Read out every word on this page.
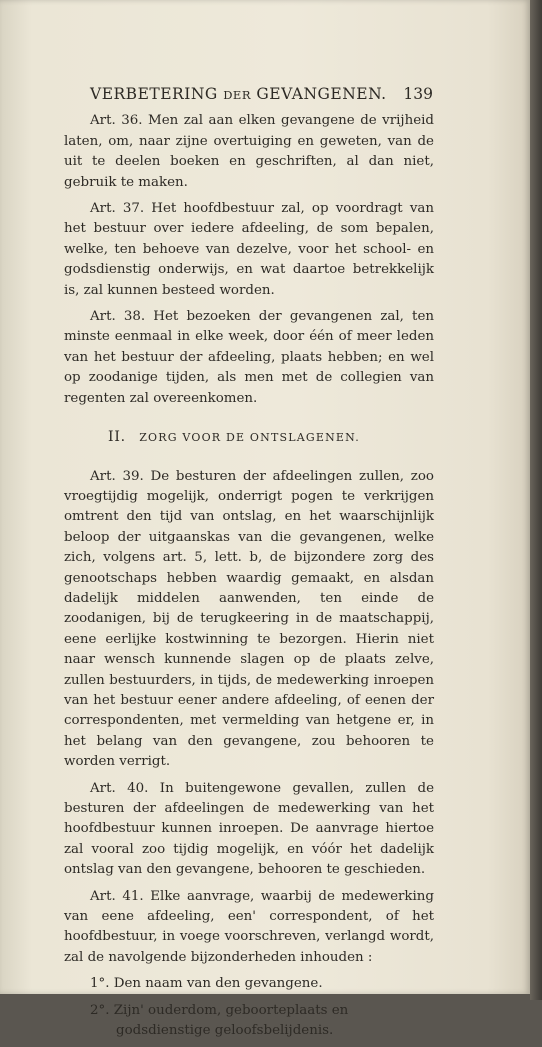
VERBETERING DER GEVANGENEN. 139

Art. 36. Men zal aan elken gevangene de vrijheid laten, om, naar zijne overtuiging en geweten, van de uit te deelen boeken en geschriften, al dan niet, gebruik te maken.

Art. 37. Het hoofdbestuur zal, op voordragt van het bestuur over iedere afdeeling, de som bepalen, welke, ten behoeve van dezelve, voor het school- en godsdienstig onderwijs, en wat daartoe betrekkelijk is, zal kunnen besteed worden.

Art. 38. Het bezoeken der gevangenen zal, ten minste eenmaal in elke week, door één of meer leden van het bestuur der afdeeling, plaats hebben; en wel op zoodanige tijden, als men met de collegien van regenten zal overeenkomen.

II. ZORG VOOR DE ONTSLAGENEN.

Art. 39. De besturen der afdeelingen zullen, zoo vroegtijdig mogelijk, onderrigt pogen te verkrijgen omtrent den tijd van ontslag, en het waarschijnlijk beloop der uitgaanskas van die gevangenen, welke zich, volgens art. 5, lett. b, de bijzondere zorg des genootschaps hebben waardig gemaakt, en alsdan dadelijk middelen aanwenden, ten einde de zoodanigen, bij de terugkeering in de maatschappij, eene eerlijke kostwinning te bezorgen. Hierin niet naar wensch kunnende slagen op de plaats zelve, zullen bestuurders, in tijds, de medewerking inroepen van het bestuur eener andere afdeeling, of eenen der correspondenten, met vermelding van hetgene er, in het belang van den gevangene, zou behooren te worden verrigt.

Art. 40. In buitengewone gevallen, zullen de besturen der afdeelingen de medewerking van het hoofdbestuur kunnen inroepen. De aanvrage hiertoe zal vooral zoo tijdig mogelijk, en vóór het dadelijk ontslag van den gevangene, behooren te geschieden.

Art. 41. Elke aanvrage, waarbij de medewerking van eene afdeeling, een' correspondent, of het hoofdbestuur, in voege voorschreven, verlangd wordt, zal de navolgende bijzonderheden inhouden :

1°. Den naam van den gevangene.

2°. Zijn' ouderdom, geboorteplaats en godsdienstige geloofsbelijdenis.
